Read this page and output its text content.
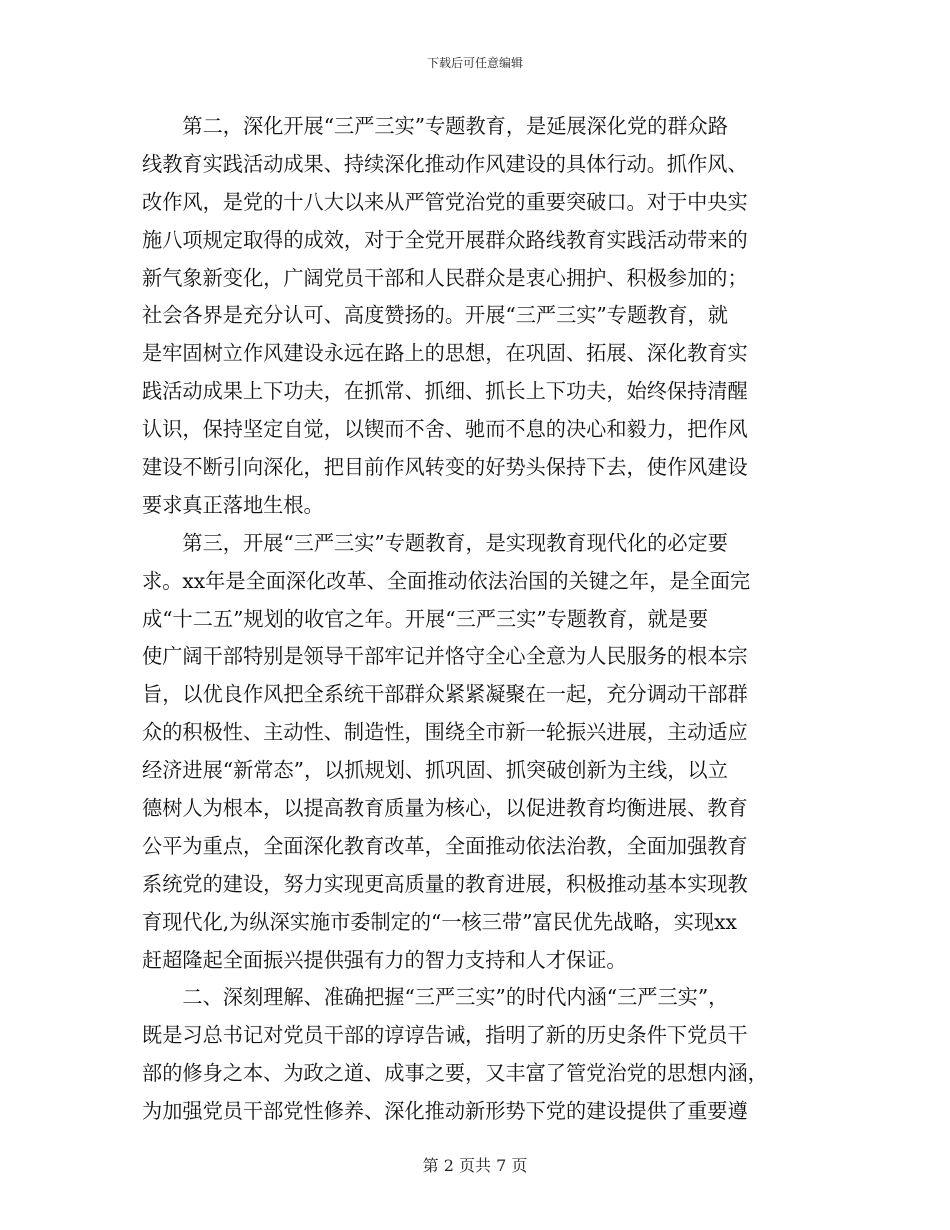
下载后可任意编辑
　　第二，深化开展“三严三实”专题教育，是延展深化党的群众路
线教育实践活动成果、持续深化推动作风建设的具体行动。抓作风、
改作风，是党的十八大以来从严管党治党的重要突破口。对于中央实
施八项规定取得的成效，对于全党开展群众路线教育实践活动带来的
新气象新变化，广阔党员干部和人民群众是衷心拥护、积极参加的；
社会各界是充分认可、高度赞扬的。开展“三严三实”专题教育，就
是牢固树立作风建设永远在路上的思想，在巩固、拓展、深化教育实
践活动成果上下功夫，在抓常、抓细、抓长上下功夫，始终保持清醒
认识，保持坚定自觉，以锲而不舍、驰而不息的决心和毅力，把作风
建设不断引向深化，把目前作风转变的好势头保持下去，使作风建设
要求真正落地生根。
　　第三，开展“三严三实”专题教育，是实现教育现代化的必定要
求。xx年是全面深化改革、全面推动依法治国的关键之年，是全面完
成“十二五”规划的收官之年。开展“三严三实”专题教育，就是要
使广阔干部特别是领导干部牢记并恪守全心全意为人民服务的根本宗
旨，以优良作风把全系统干部群众紧紧凝聚在一起，充分调动干部群
众的积极性、主动性、制造性，围绕全市新一轮振兴进展，主动适应
经济进展“新常态”，以抓规划、抓巩固、抓突破创新为主线，以立
德树人为根本，以提高教育质量为核心，以促进教育均衡进展、教育
公平为重点，全面深化教育改革，全面推动依法治教，全面加强教育
系统党的建设，努力实现更高质量的教育进展，积极推动基本实现教
育现代化,为纵深实施市委制定的“一核三带”富民优先战略，实现xx
赶超隆起全面振兴提供强有力的智力支持和人才保证。
　　二、深刻理解、准确把握“三严三实”的时代内涵“三严三实”，
既是习总书记对党员干部的谆谆告诫，指明了新的历史条件下党员干
部的修身之本、为政之道、成事之要，又丰富了管党治党的思想内涵，
为加强党员干部党性修养、深化推动新形势下党的建设提供了重要遵
第 2 页共 7 页
